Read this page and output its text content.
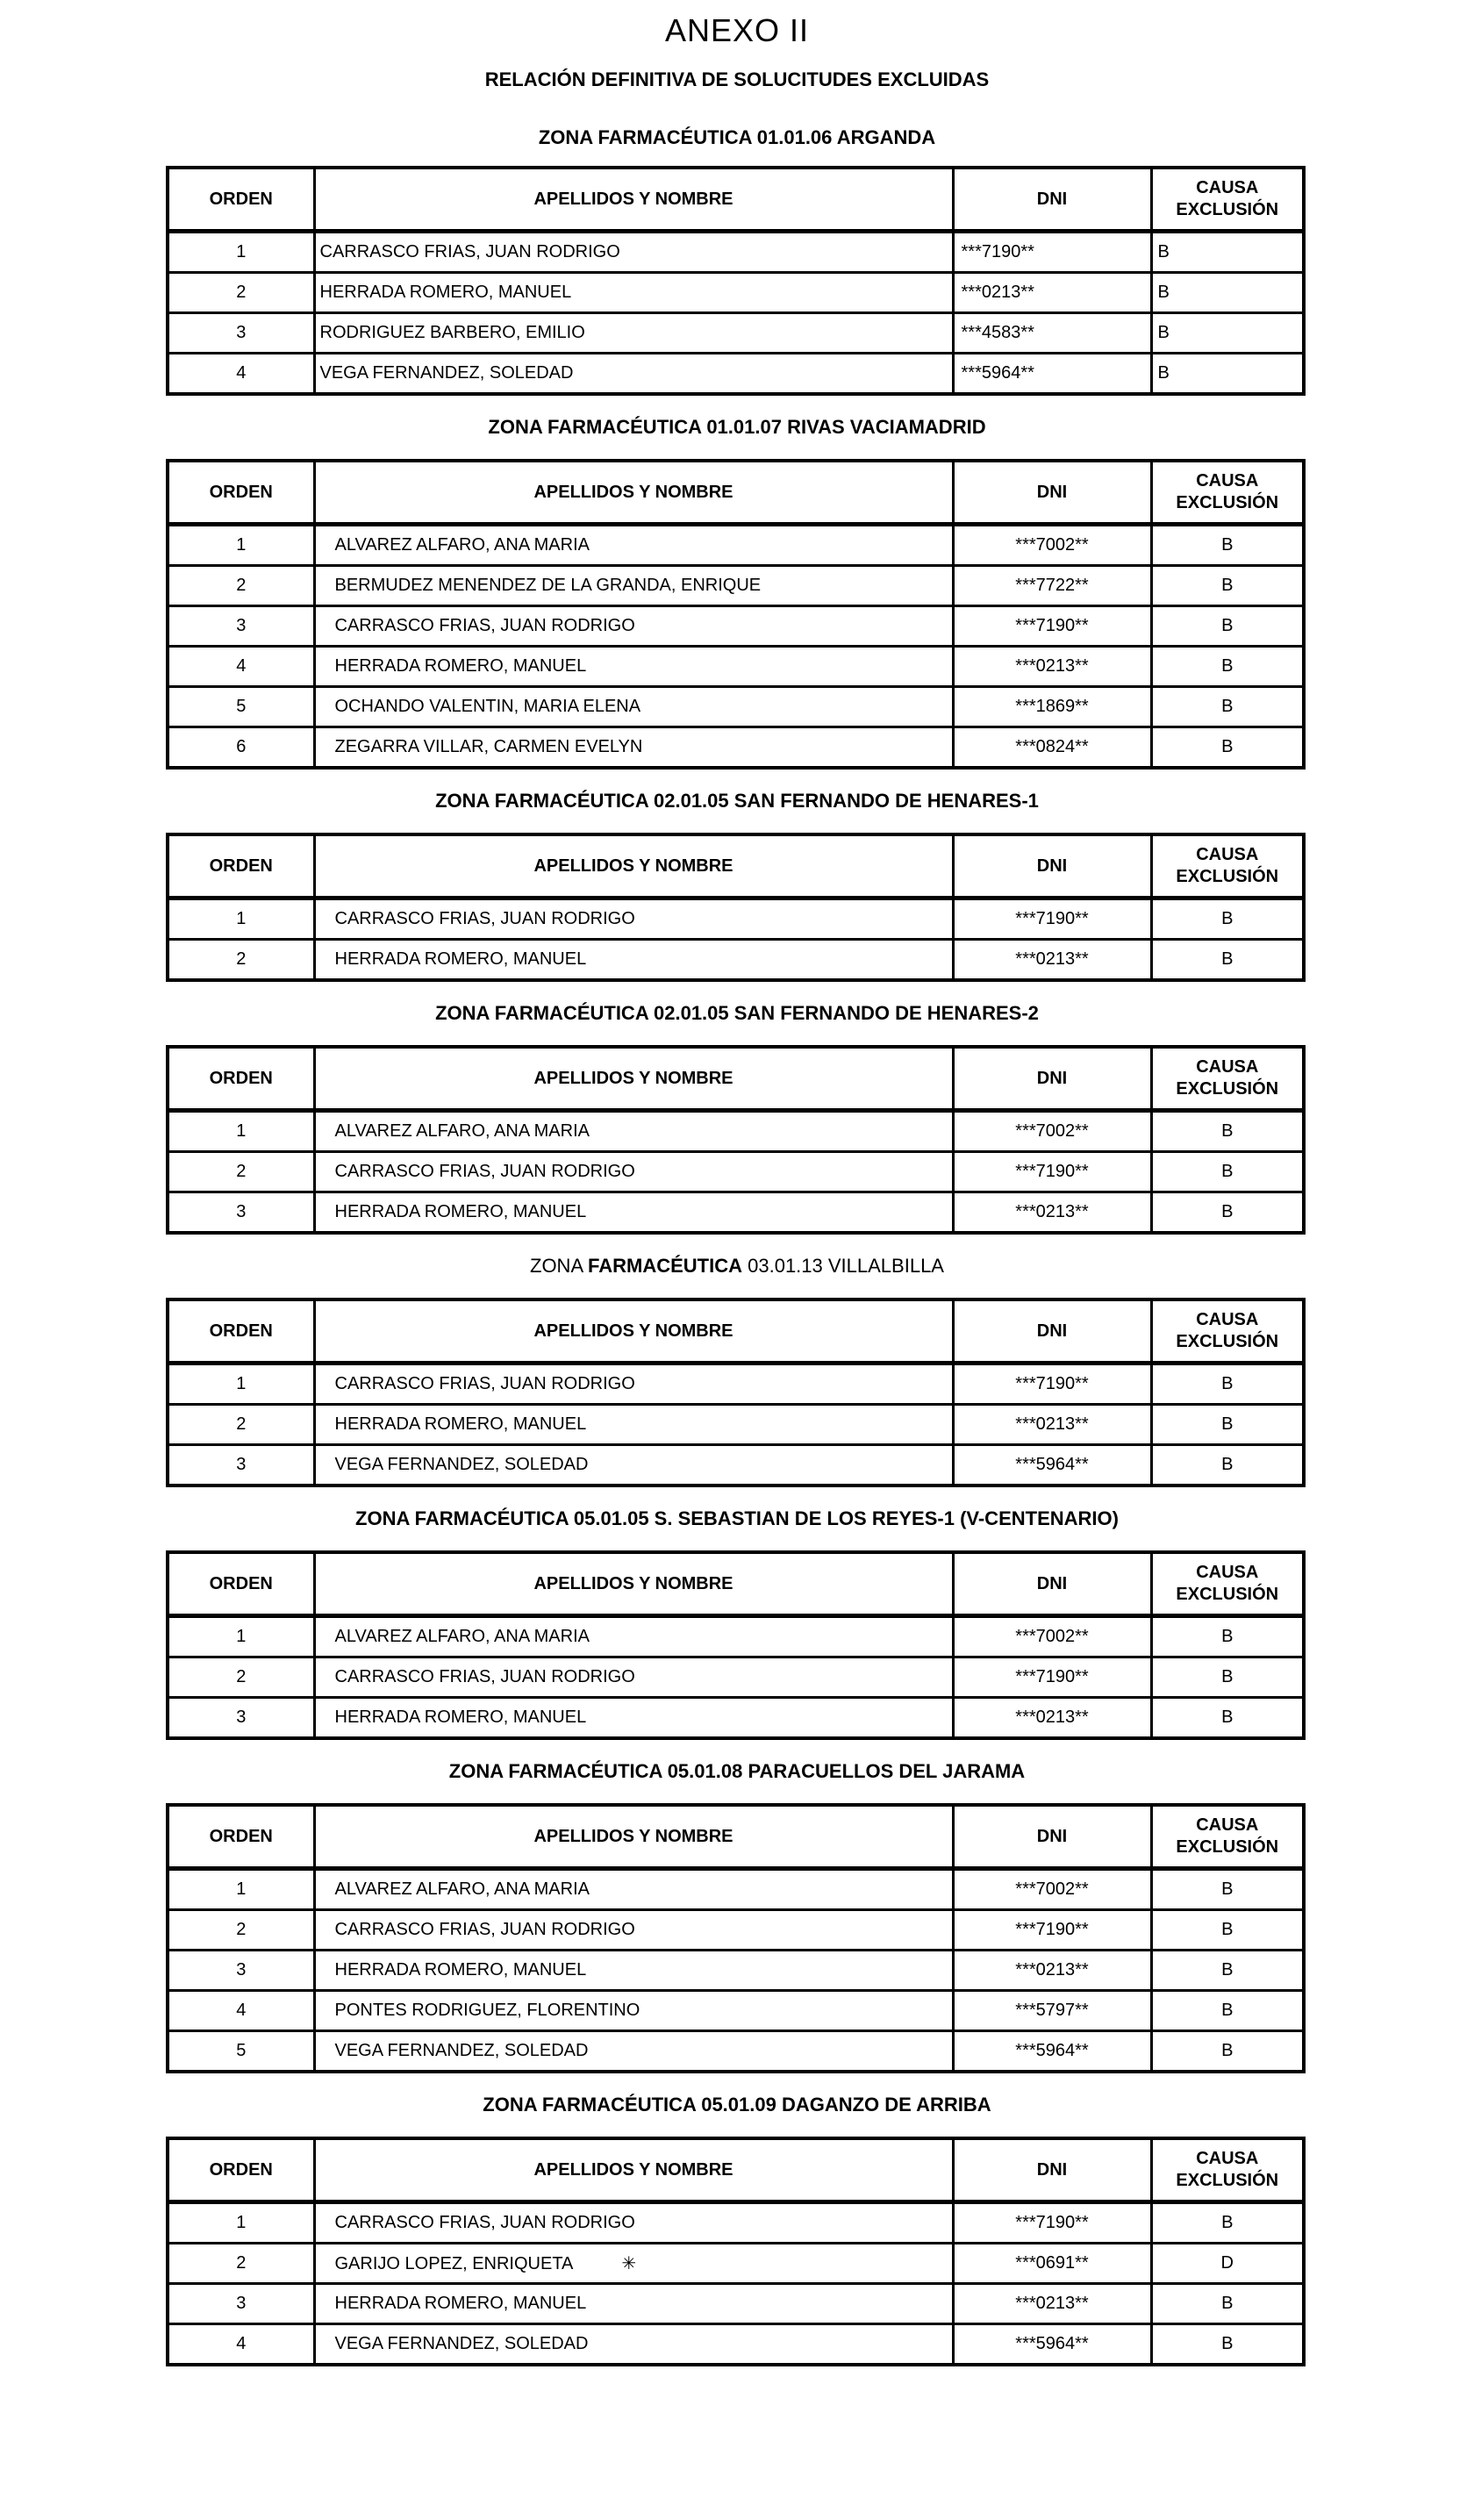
ANEXO II
RELACIÓN DEFINITIVA DE SOLUCITUDES EXCLUIDAS
ZONA FARMACÉUTICA 01.01.06 ARGANDA
ORDEN	APELLIDOS Y NOMBRE	DNI	CAUSA
EXCLUSIÓN

1	CARRASCO FRIAS, JUAN RODRIGO	***7190**	B
2	HERRADA ROMERO, MANUEL	***0213**	B
3	RODRIGUEZ BARBERO, EMILIO	***4583**	B
4	VEGA FERNANDEZ, SOLEDAD	***5964**	B
ZONA FARMACÉUTICA 01.01.07 RIVAS VACIAMADRID
ORDEN	APELLIDOS Y NOMBRE	DNI	CAUSA
EXCLUSIÓN

1	ALVAREZ ALFARO, ANA MARIA	***7002**	B
2	BERMUDEZ MENENDEZ DE LA GRANDA, ENRIQUE	***7722**	B
3	CARRASCO FRIAS, JUAN RODRIGO	***7190**	B
4	HERRADA ROMERO, MANUEL	***0213**	B
5	OCHANDO VALENTIN, MARIA ELENA	***1869**	B
6	ZEGARRA VILLAR, CARMEN EVELYN	***0824**	B
ZONA FARMACÉUTICA 02.01.05 SAN FERNANDO DE HENARES-1
ORDEN	APELLIDOS Y NOMBRE	DNI	CAUSA
EXCLUSIÓN

1	CARRASCO FRIAS, JUAN RODRIGO	***7190**	B
2	HERRADA ROMERO, MANUEL	***0213**	B
ZONA FARMACÉUTICA 02.01.05 SAN FERNANDO DE HENARES-2
ORDEN	APELLIDOS Y NOMBRE	DNI	CAUSA
EXCLUSIÓN

1	ALVAREZ ALFARO, ANA MARIA	***7002**	B
2	CARRASCO FRIAS, JUAN RODRIGO	***7190**	B
3	HERRADA ROMERO, MANUEL	***0213**	B
ZONA FARMACÉUTICA 03.01.13 VILLALBILLA
ORDEN	APELLIDOS Y NOMBRE	DNI	CAUSA
EXCLUSIÓN

1	CARRASCO FRIAS, JUAN RODRIGO	***7190**	B
2	HERRADA ROMERO, MANUEL	***0213**	B
3	VEGA FERNANDEZ, SOLEDAD	***5964**	B
ZONA FARMACÉUTICA 05.01.05 S. SEBASTIAN DE LOS REYES-1 (V-CENTENARIO)
ORDEN	APELLIDOS Y NOMBRE	DNI	CAUSA
EXCLUSIÓN

1	ALVAREZ ALFARO, ANA MARIA	***7002**	B
2	CARRASCO FRIAS, JUAN RODRIGO	***7190**	B
3	HERRADA ROMERO, MANUEL	***0213**	B
ZONA FARMACÉUTICA 05.01.08 PARACUELLOS DEL JARAMA
ORDEN	APELLIDOS Y NOMBRE	DNI	CAUSA
EXCLUSIÓN

1	ALVAREZ ALFARO, ANA MARIA	***7002**	B
2	CARRASCO FRIAS, JUAN RODRIGO	***7190**	B
3	HERRADA ROMERO, MANUEL	***0213**	B
4	PONTES RODRIGUEZ, FLORENTINO	***5797**	B
5	VEGA FERNANDEZ, SOLEDAD	***5964**	B
ZONA FARMACÉUTICA 05.01.09 DAGANZO DE ARRIBA
ORDEN	APELLIDOS Y NOMBRE	DNI	CAUSA
EXCLUSIÓN

1	CARRASCO FRIAS, JUAN RODRIGO	***7190**	B
2	GARIJO LOPEZ, ENRIQUETA ✳	***0691**	D
3	HERRADA ROMERO, MANUEL	***0213**	B
4	VEGA FERNANDEZ, SOLEDAD	***5964**	B
